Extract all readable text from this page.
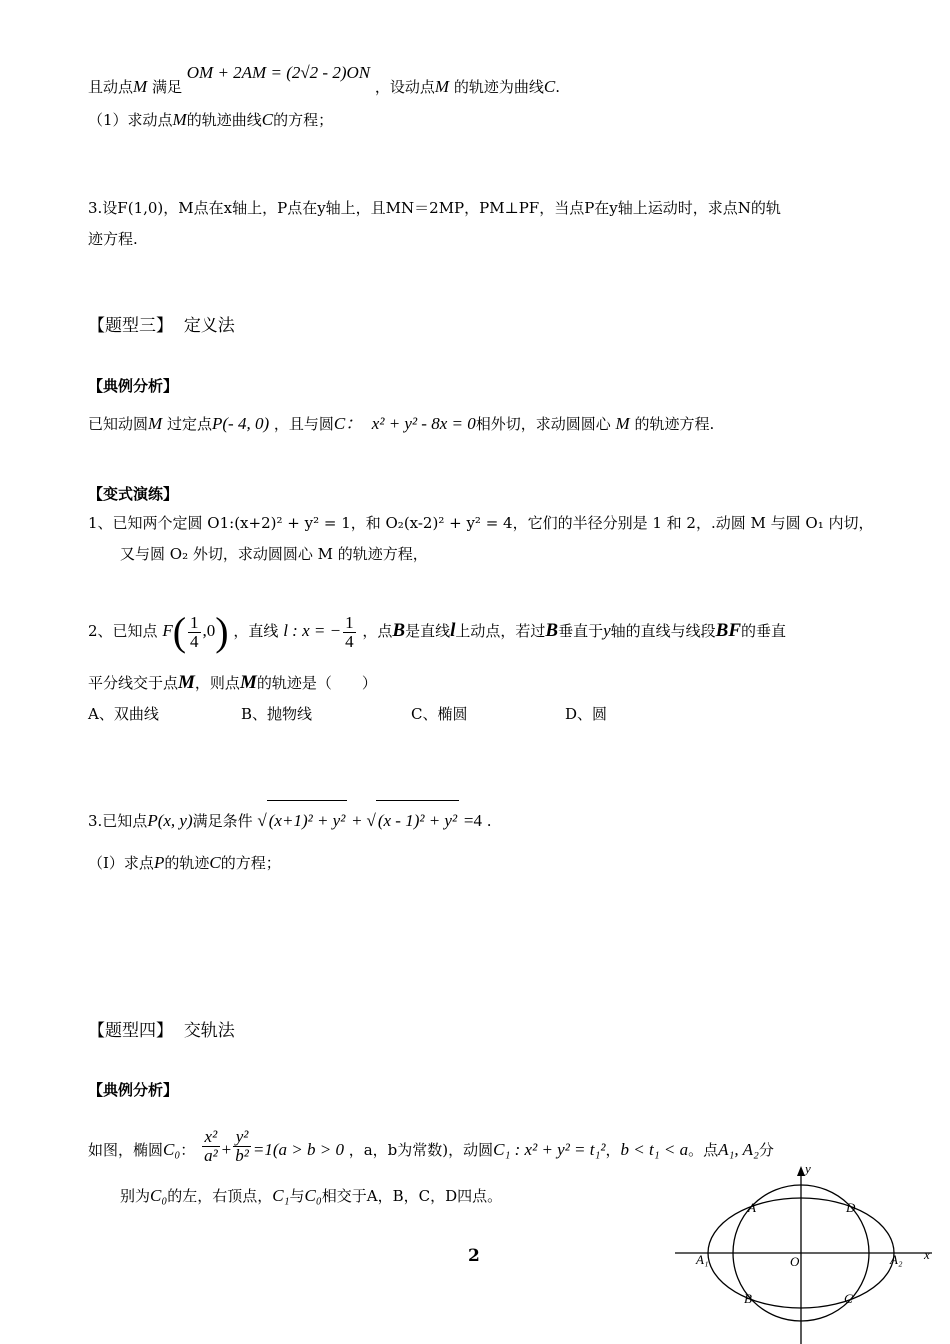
且动点M 满足 OM + 2AM = (2√2 - 2)ON ，设动点M 的轨迹为曲线C.
（1）求动点M的轨迹曲线C的方程；
3.设F(1,0)，M点在x轴上，P点在y轴上，且MN＝2MP，PM⊥PF，当点P在y轴上运动时，求点N的轨
迹方程.
【题型三】 定义法
【典例分析】
已知动圆M 过定点P(- 4, 0) ，且与圆C： x² + y² - 8x = 0相外切，求动圆圆心 M 的轨迹方程.
【变式演练】
1、已知两个定圆 O1:(x+2)² + y² = 1，和 O₂(x-2)² + y² = 4，它们的半径分别是 1 和 2，.动圆 M 与圆 O₁ 内切，
又与圆 O₂ 外切，求动圆圆心 M 的轨迹方程，
2、已知点 $F( \frac{1}{4} ,0)$ ，直线 l : x = − $\frac{1}{4}$ ，点B是直线l上动点，若过B垂直于y轴的直线与线段BF的垂直
平分线交于点M，则点M的轨迹是（　　）
A、双曲线	B、抛物线	C、椭圆	D、圆
3.已知点P(x, y)满足条件 √ (x+1)² + y² + √ (x - 1)² + y² =4 .
（Ⅰ）求点P的轨迹C的方程；
【题型四】 交轨法
【典例分析】
如图，椭圆C₀： $\frac{\text{x²}}{\text{a²}} + \frac{\text{y²}}{\text{b²}} =1(a > b > 0$ ，a，b为常数)，动圆C₁ : x² + y² = t₁²，b < t₁ < a。点A₁, A₂分
别为C₀的左，右顶点，C₁与C₀相交于A，B，C，D四点。
A	D
A₁	O	A₂
B	C
x
y
2
